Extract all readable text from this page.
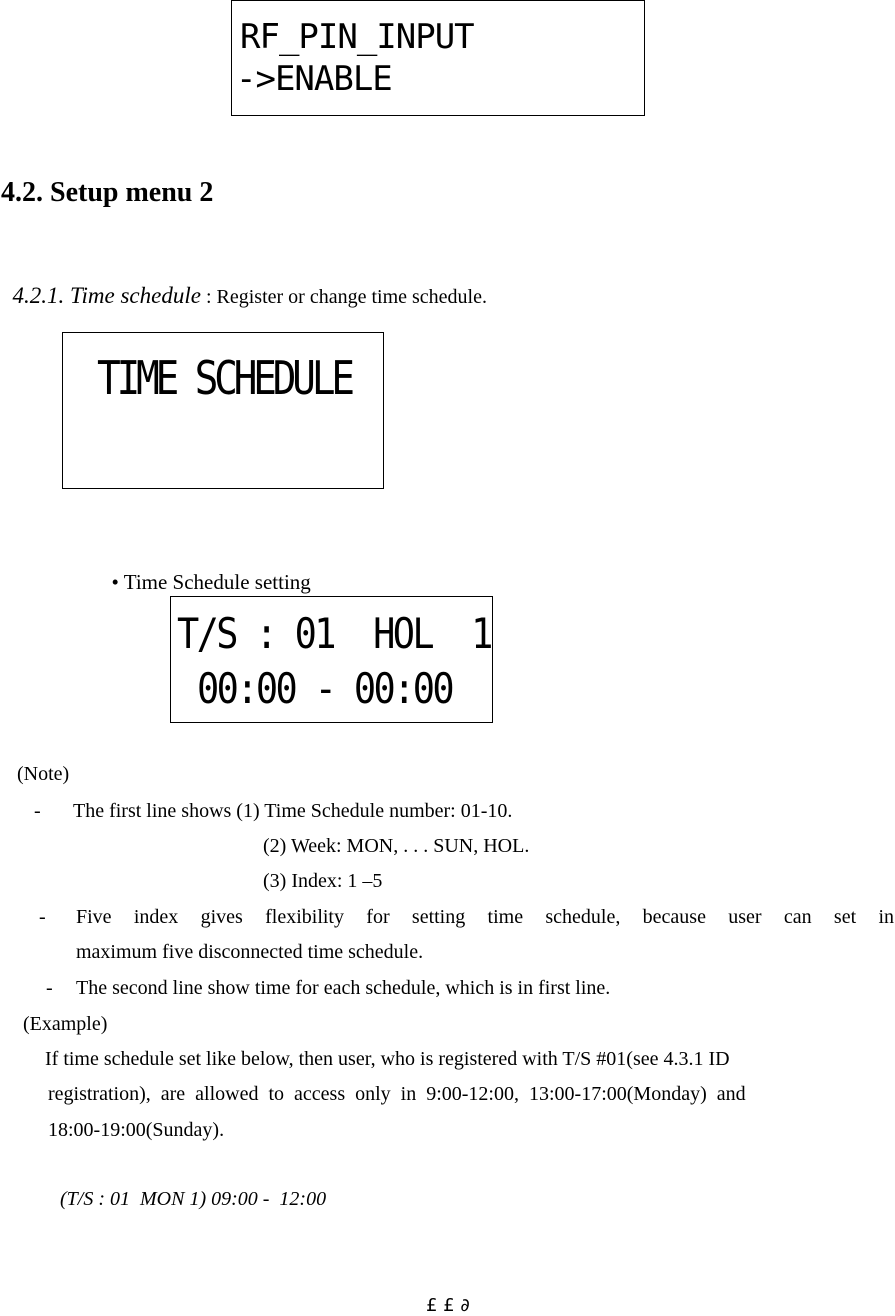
RF_PIN_INPUT
->ENABLE
4.2. Setup menu 2

4.2.1. Time schedule : Register or change time schedule.

TIME SCHEDULE

• Time Schedule setting

T/S : 01  HOL  1
00:00 - 00:00
(Note)
- The first line shows (1) Time Schedule number: 01-10.
(2) Week: MON, . . . SUN, HOL.
(3) Index: 1 –5
- Five  index  gives  flexibility  for  setting  time  schedule,  because  user  can  set  in
maximum five disconnected time schedule.
- The second line show time for each schedule, which is in first line.
(Example)
If time schedule set like below, then user, who is registered with T/S #01(see 4.3.1 ID
registration),  are  allowed  to  access  only  in  9:00-12:00,  13:00-17:00(Monday)  and
18:00-19:00(Sunday).
(T/S : 01  MON 1) 09:00 -  12:00
£ £ ∂
